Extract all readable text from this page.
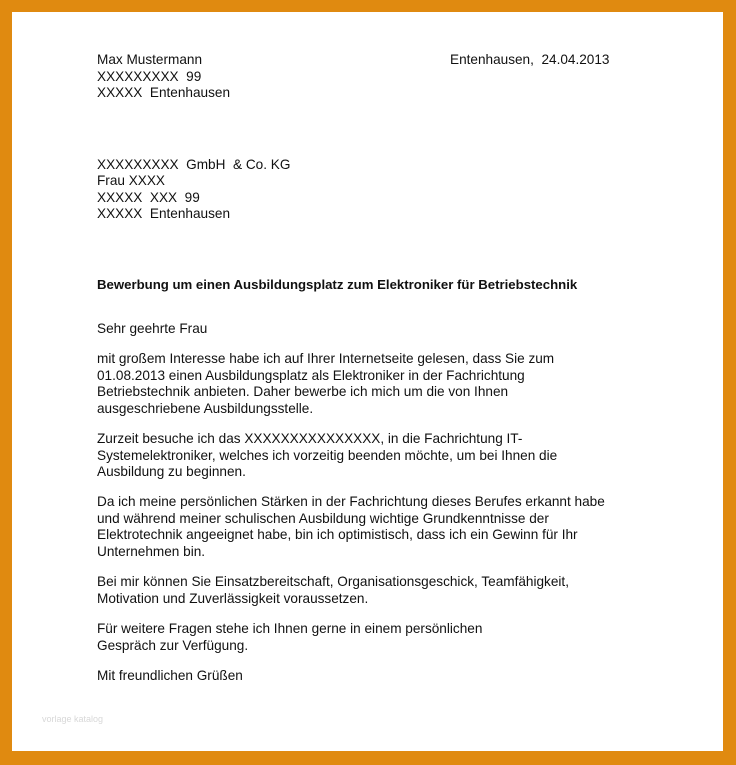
Max Mustermann
XXXXXXXXX  99
XXXXX  Entenhausen
Entenhausen,  24.04.2013
XXXXXXXXX  GmbH  & Co. KG
Frau XXXX
XXXXX  XXX  99
XXXXX  Entenhausen
Bewerbung um einen Ausbildungsplatz zum Elektroniker für Betriebstechnik
Sehr geehrte Frau
mit großem Interesse habe ich auf Ihrer Internetseite gelesen, dass Sie zum
01.08.2013 einen Ausbildungsplatz als Elektroniker in der Fachrichtung
Betriebstechnik anbieten. Daher bewerbe ich mich um die von Ihnen
ausgeschriebene Ausbildungsstelle.
Zurzeit besuche ich das XXXXXXXXXXXXXXX, in die Fachrichtung IT-
Systemelektroniker, welches ich vorzeitig beenden möchte, um bei Ihnen die
Ausbildung zu beginnen.
Da ich meine persönlichen Stärken in der Fachrichtung dieses Berufes erkannt habe
und während meiner schulischen Ausbildung wichtige Grundkenntnisse der
Elektrotechnik angeeignet habe, bin ich optimistisch, dass ich ein Gewinn für Ihr
Unternehmen bin.
Bei mir können Sie Einsatzbereitschaft, Organisationsgeschick, Teamfähigkeit,
Motivation und Zuverlässigkeit voraussetzen.
Für weitere Fragen stehe ich Ihnen gerne in einem persönlichen
Gespräch zur Verfügung.
Mit freundlichen Grüßen
vorlage katalog
